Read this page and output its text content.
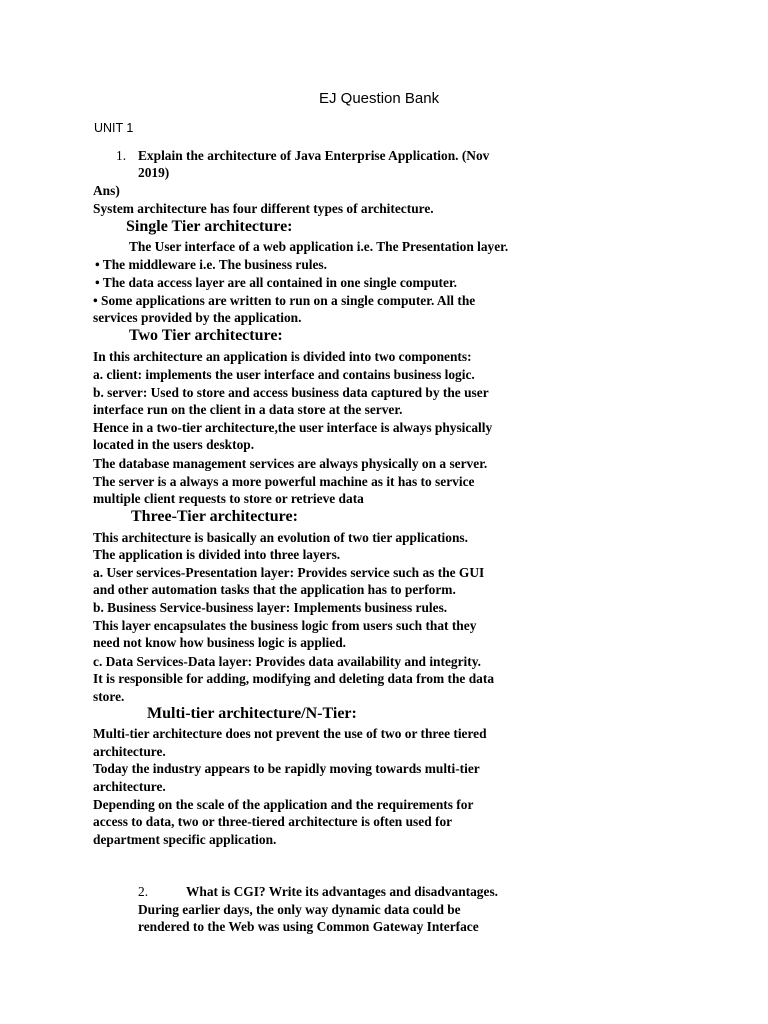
EJ Question Bank
UNIT 1
1. Explain the architecture of Java Enterprise Application. (Nov
2019)
Ans)
System architecture has four different types of architecture.
Single Tier architecture:
The User interface of a web application i.e. The Presentation layer.
• The middleware i.e. The business rules.
• The data access layer are all contained in one single computer.
• Some applications are written to run on a single computer. All the
services provided by the application.
Two Tier architecture:
In this architecture an application is divided into two components:
a. client: implements the user interface and contains business logic.
b. server: Used to store and access business data captured by the user
interface run on the client in a data store at the server.
Hence in a two-tier architecture,the user interface is always physically
located in the users desktop.
The database management services are always physically on a server.
The server is a always a more powerful machine as it has to service
multiple client requests to store or retrieve data
Three-Tier architecture:
This architecture is basically an evolution of two tier applications.
The application is divided into three layers.
a. User services-Presentation layer: Provides service such as the GUI
and other automation tasks that the application has to perform.
b. Business Service-business layer: Implements business rules.
This layer encapsulates the business logic from users such that they
need not know how business logic is applied.
c. Data Services-Data layer: Provides data availability and integrity.
It is responsible for adding, modifying and deleting data from the data
store.
Multi-tier architecture/N-Tier:
Multi-tier architecture does not prevent the use of two or three tiered
architecture.
Today the industry appears to be rapidly moving towards multi-tier
architecture.
Depending on the scale of the application and the requirements for
access to data, two or three-tiered architecture is often used for
department specific application.
2.	What is CGI? Write its advantages and disadvantages.
During earlier days, the only way dynamic data could be
rendered to the Web was using Common Gateway Interface
